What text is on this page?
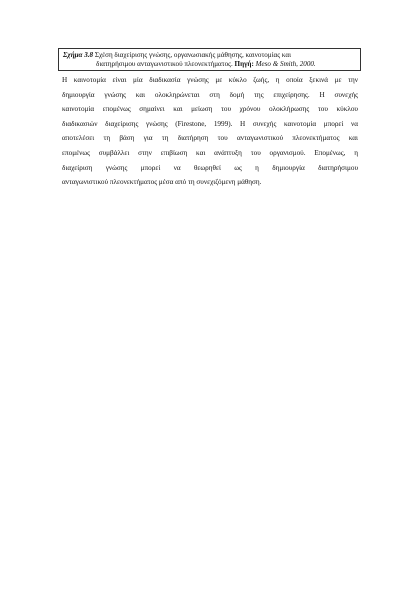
Σχήμα 3.8 Σχέση διαχείρισης γνώσης, οργανωσιακής μάθησης, καινοτομίας και
διατηρήσιμου ανταγωνιστικού πλεονεκτήματος. Πηγή: Meso & Smith, 2000.
Η καινοτομία είναι μία διαδικασία γνώσης με κύκλο ζωής, η οποία ξεκινά με την
δημιουργία γνώσης και ολοκληρώνεται στη δομή της επιχείρησης. Η συνεχής
καινοτομία επομένως σημαίνει και μείωση του χρόνου ολοκλήρωσης του κύκλου
διαδικασιών διαχείρισης γνώσης (Firestone, 1999). Η συνεχής καινοτομία μπορεί να
αποτελέσει τη βάση για τη διατήρηση του ανταγωνιστικού πλεονεκτήματος και
επομένως συμβάλλει στην επιβίωση και ανάπτυξη του οργανισμού. Επομένως, η
διαχείριση γνώσης μπορεί να θεωρηθεί ως η δημιουργία διατηρήσιμου
ανταγωνιστικού πλεονεκτήματος μέσα από τη συνεχιζόμενη μάθηση.
